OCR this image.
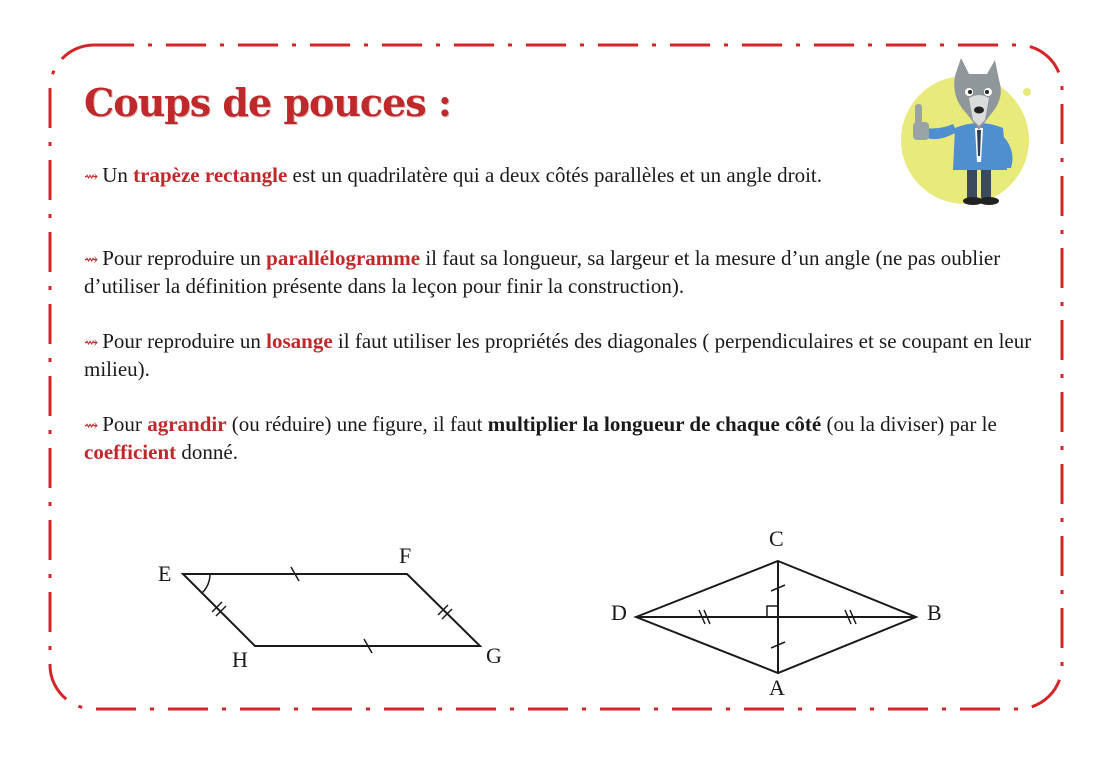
Coups de pouces :

⇝ Un trapèze rectangle est un quadrilatère qui a deux côtés parallèles et un angle droit.

⇝ Pour reproduire un parallélogramme il faut sa longueur, sa largeur et la mesure d’un angle (ne pas oublier d’utiliser la définition présente dans la leçon pour finir la construction).

⇝ Pour reproduire un losange il faut utiliser les propriétés des diagonales ( perpendiculaires et se coupant en leur milieu).

⇝ Pour agrandir (ou réduire) une figure, il faut multiplier la longueur de chaque côté (ou la diviser) par le coefficient donné.

E
F
G
H
C
B
A
D
